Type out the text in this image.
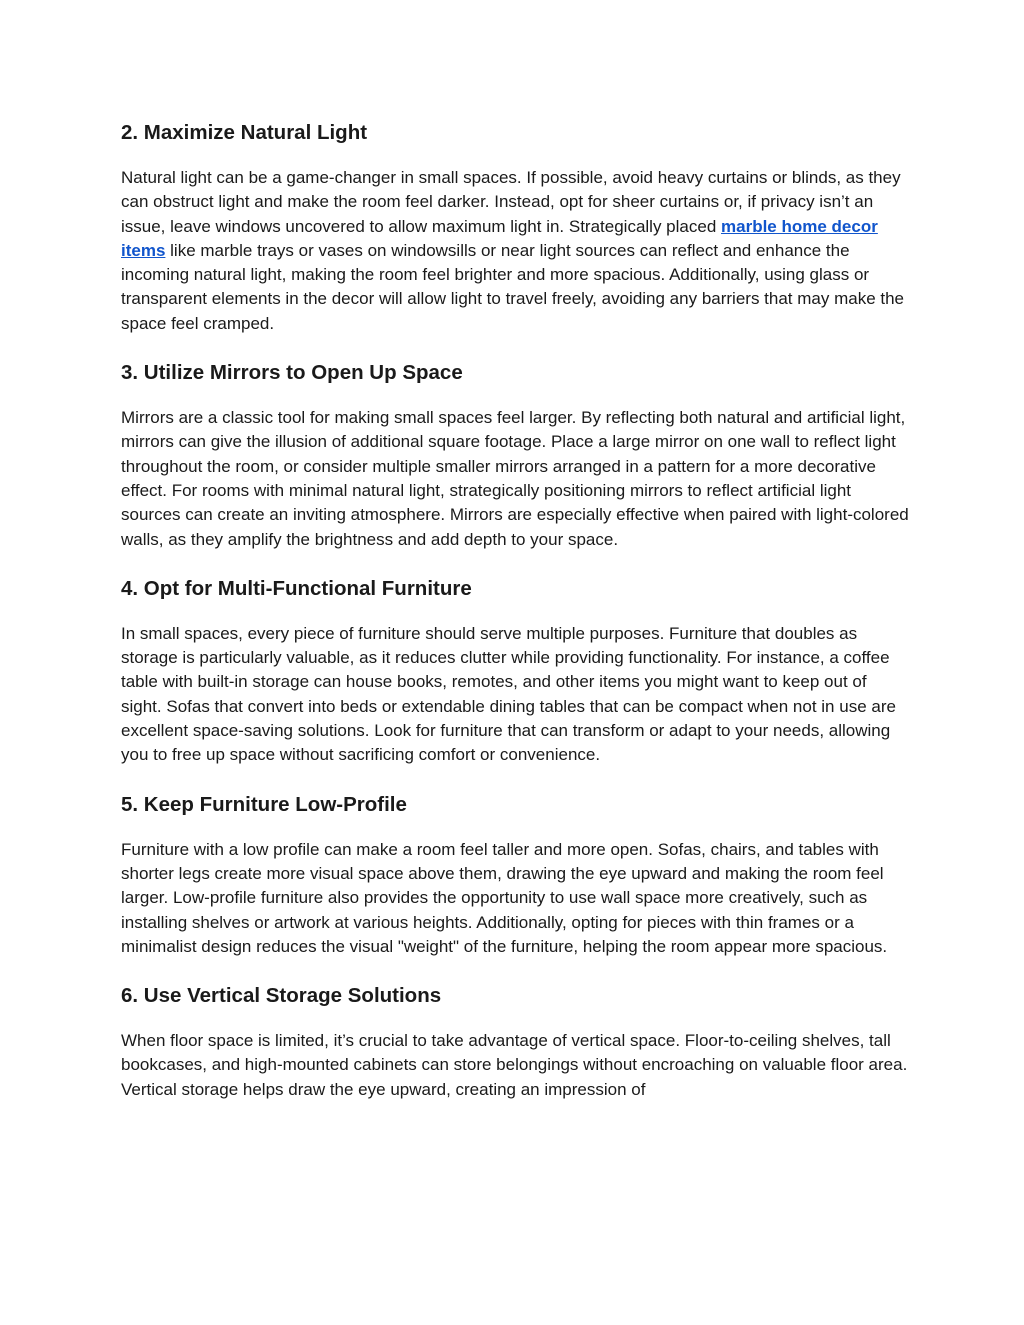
2. Maximize Natural Light

Natural light can be a game-changer in small spaces. If possible, avoid heavy curtains or blinds, as they can obstruct light and make the room feel darker. Instead, opt for sheer curtains or, if privacy isn’t an issue, leave windows uncovered to allow maximum light in. Strategically placed marble home decor items like marble trays or vases on windowsills or near light sources can reflect and enhance the incoming natural light, making the room feel brighter and more spacious. Additionally, using glass or transparent elements in the decor will allow light to travel freely, avoiding any barriers that may make the space feel cramped.

3. Utilize Mirrors to Open Up Space

Mirrors are a classic tool for making small spaces feel larger. By reflecting both natural and artificial light, mirrors can give the illusion of additional square footage. Place a large mirror on one wall to reflect light throughout the room, or consider multiple smaller mirrors arranged in a pattern for a more decorative effect. For rooms with minimal natural light, strategically positioning mirrors to reflect artificial light sources can create an inviting atmosphere. Mirrors are especially effective when paired with light-colored walls, as they amplify the brightness and add depth to your space.

4. Opt for Multi-Functional Furniture

In small spaces, every piece of furniture should serve multiple purposes. Furniture that doubles as storage is particularly valuable, as it reduces clutter while providing functionality. For instance, a coffee table with built-in storage can house books, remotes, and other items you might want to keep out of sight. Sofas that convert into beds or extendable dining tables that can be compact when not in use are excellent space-saving solutions. Look for furniture that can transform or adapt to your needs, allowing you to free up space without sacrificing comfort or convenience.

5. Keep Furniture Low-Profile

Furniture with a low profile can make a room feel taller and more open. Sofas, chairs, and tables with shorter legs create more visual space above them, drawing the eye upward and making the room feel larger. Low-profile furniture also provides the opportunity to use wall space more creatively, such as installing shelves or artwork at various heights. Additionally, opting for pieces with thin frames or a minimalist design reduces the visual "weight" of the furniture, helping the room appear more spacious.

6. Use Vertical Storage Solutions

When floor space is limited, it’s crucial to take advantage of vertical space. Floor-to-ceiling shelves, tall bookcases, and high-mounted cabinets can store belongings without encroaching on valuable floor area. Vertical storage helps draw the eye upward, creating an impression of
